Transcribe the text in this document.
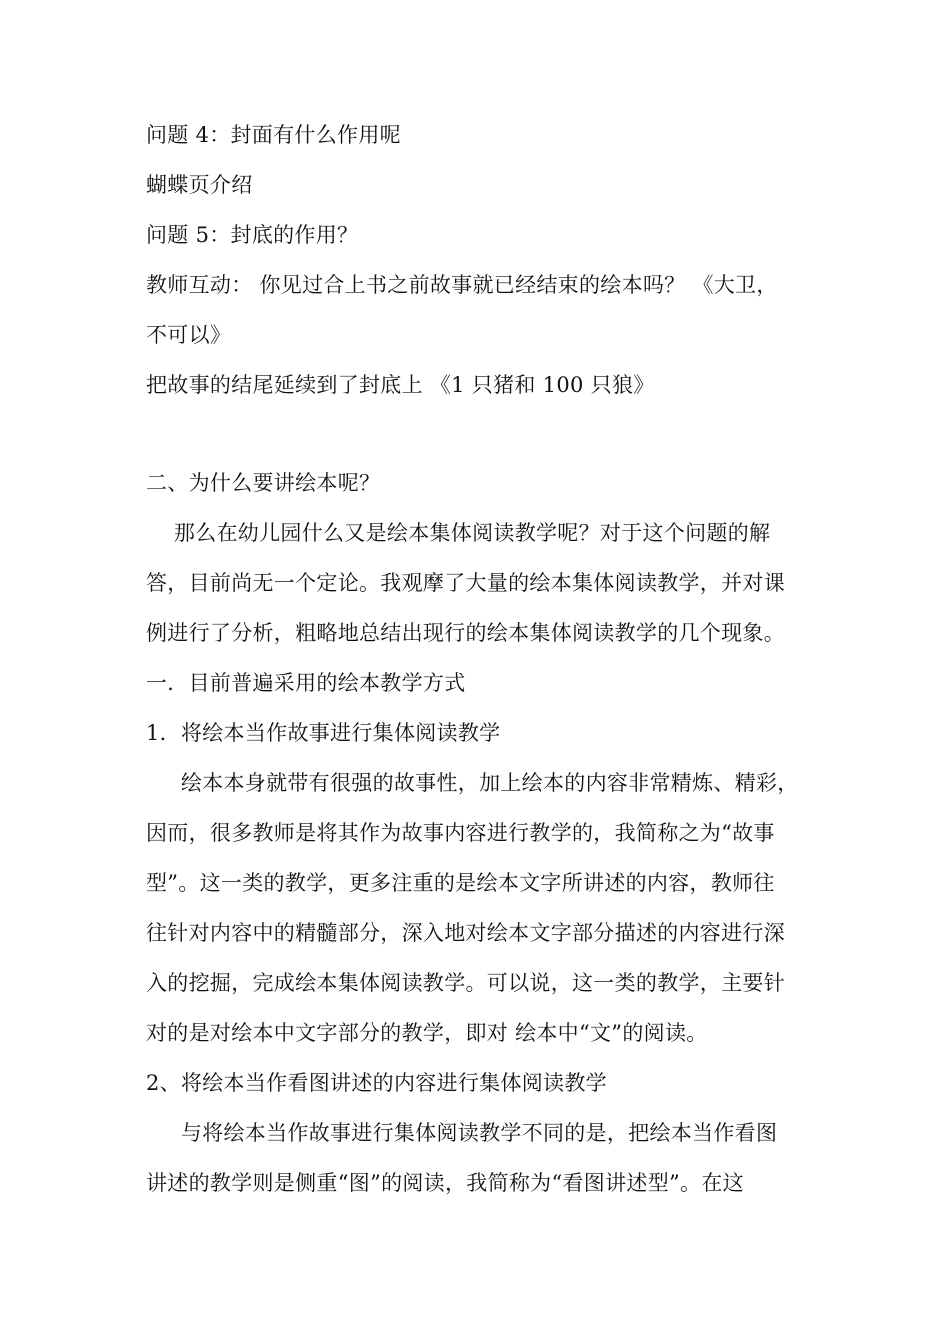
问题 4：封面有什么作用呢
蝴蝶页介绍
问题 5：封底的作用？
教师互动： 你见过合上书之前故事就已经结束的绘本吗？ 《大卫，
不可以》
把故事的结尾延续到了封底上 《1 只猪和 100 只狼》
二、为什么要讲绘本呢？
那么在幼儿园什么又是绘本集体阅读教学呢？对于这个问题的解
答，目前尚无一个定论。我观摩了大量的绘本集体阅读教学，并对课
例进行了分析，粗略地总结出现行的绘本集体阅读教学的几个现象。
一．目前普遍采用的绘本教学方式
1．将绘本当作故事进行集体阅读教学
绘本本身就带有很强的故事性，加上绘本的内容非常精炼、精彩，
因而，很多教师是将其作为故事内容进行教学的，我简称之为“故事
型”。这一类的教学，更多注重的是绘本文字所讲述的内容，教师往
往针对内容中的精髓部分，深入地对绘本文字部分描述的内容进行深
入的挖掘，完成绘本集体阅读教学。可以说，这一类的教学，主要针
对的是对绘本中文字部分的教学，即对 绘本中“文”的阅读。
2、将绘本当作看图讲述的内容进行集体阅读教学
与将绘本当作故事进行集体阅读教学不同的是，把绘本当作看图
讲述的教学则是侧重“图”的阅读，我简称为“看图讲述型”。在这
